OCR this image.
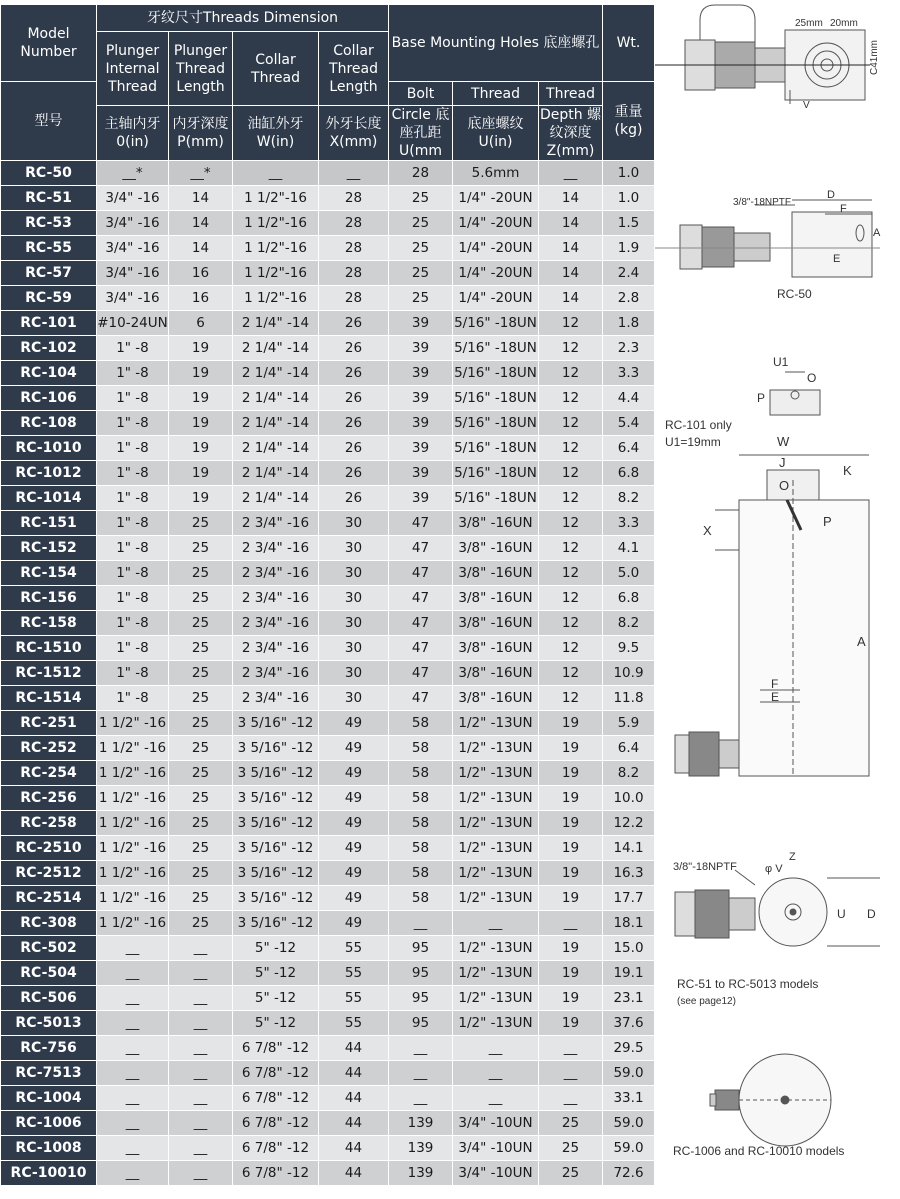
Model Number	牙纹尺寸Threads Dimension				Base Mounting Holes 底座螺孔			Wt.
	Plunger Internal Thread	Plunger Thread Length	Collar Thread	Collar Thread Length				
型号					Bolt	Thread	Thread	重量 (kg)
	主轴内牙 0(in)	内牙深度 P(mm)	油缸外牙 W(in)	外牙长度 X(mm)	Circle 底座孔距 U(mm	底座螺纹 U(in)	Depth 螺纹深度 Z(mm)	
RC-50	__*	__*	__	__	28	5.6mm	__	1.0
RC-51	3/4" -16	14	1 1/2"-16	28	25	1/4" -20UN	14	1.0
RC-53	3/4" -16	14	1 1/2"-16	28	25	1/4" -20UN	14	1.5
RC-55	3/4" -16	14	1 1/2"-16	28	25	1/4" -20UN	14	1.9
RC-57	3/4" -16	16	1 1/2"-16	28	25	1/4" -20UN	14	2.4
RC-59	3/4" -16	16	1 1/2"-16	28	25	1/4" -20UN	14	2.8
RC-101	#10-24UN	6	2 1/4" -14	26	39	5/16" -18UN	12	1.8
RC-102	1" -8	19	2 1/4" -14	26	39	5/16" -18UN	12	2.3
RC-104	1" -8	19	2 1/4" -14	26	39	5/16" -18UN	12	3.3
RC-106	1" -8	19	2 1/4" -14	26	39	5/16" -18UN	12	4.4
RC-108	1" -8	19	2 1/4" -14	26	39	5/16" -18UN	12	5.4
RC-1010	1" -8	19	2 1/4" -14	26	39	5/16" -18UN	12	6.4
RC-1012	1" -8	19	2 1/4" -14	26	39	5/16" -18UN	12	6.8
RC-1014	1" -8	19	2 1/4" -14	26	39	5/16" -18UN	12	8.2
RC-151	1" -8	25	2 3/4" -16	30	47	3/8" -16UN	12	3.3
RC-152	1" -8	25	2 3/4" -16	30	47	3/8" -16UN	12	4.1
RC-154	1" -8	25	2 3/4" -16	30	47	3/8" -16UN	12	5.0
RC-156	1" -8	25	2 3/4" -16	30	47	3/8" -16UN	12	6.8
RC-158	1" -8	25	2 3/4" -16	30	47	3/8" -16UN	12	8.2
RC-1510	1" -8	25	2 3/4" -16	30	47	3/8" -16UN	12	9.5
RC-1512	1" -8	25	2 3/4" -16	30	47	3/8" -16UN	12	10.9
RC-1514	1" -8	25	2 3/4" -16	30	47	3/8" -16UN	12	11.8
RC-251	1 1/2" -16	25	3 5/16" -12	49	58	1/2" -13UN	19	5.9
RC-252	1 1/2" -16	25	3 5/16" -12	49	58	1/2" -13UN	19	6.4
RC-254	1 1/2" -16	25	3 5/16" -12	49	58	1/2" -13UN	19	8.2
RC-256	1 1/2" -16	25	3 5/16" -12	49	58	1/2" -13UN	19	10.0
RC-258	1 1/2" -16	25	3 5/16" -12	49	58	1/2" -13UN	19	12.2
RC-2510	1 1/2" -16	25	3 5/16" -12	49	58	1/2" -13UN	19	14.1
RC-2512	1 1/2" -16	25	3 5/16" -12	49	58	1/2" -13UN	19	16.3
RC-2514	1 1/2" -16	25	3 5/16" -12	49	58	1/2" -13UN	19	17.7
RC-308	1 1/2" -16	25	3 5/16" -12	49	__	__	__	18.1
RC-502	__	__	5" -12	55	95	1/2" -13UN	19	15.0
RC-504	__	__	5" -12	55	95	1/2" -13UN	19	19.1
RC-506	__	__	5" -12	55	95	1/2" -13UN	19	23.1
RC-5013	__	__	5" -12	55	95	1/2" -13UN	19	37.6
RC-756	__	__	6 7/8" -12	44	__	__	__	29.5
RC-7513	__	__	6 7/8" -12	44	__	__	__	59.0
RC-1004	__	__	6 7/8" -12	44	__	__	__	33.1
RC-1006	__	__	6 7/8" -12	44	139	3/4" -10UN	25	59.0
RC-1008	__	__	6 7/8" -12	44	139	3/4" -10UN	25	59.0
RC-10010	__	__	6 7/8" -12	44	139	3/4" -10UN	25	72.6
25mm 20mm
C41mm
V
3/8"-18NPTF
D
F
A
E
RC-50
U1
P
O
RC-101 only
U1=19mm	W
J
K
O
X
P
A
F
E
3/8"-18NPTF	φ V
Z
U D
RC-51 to RC-5013 models
(see page12)
RC-1006 and RC-10010 models
